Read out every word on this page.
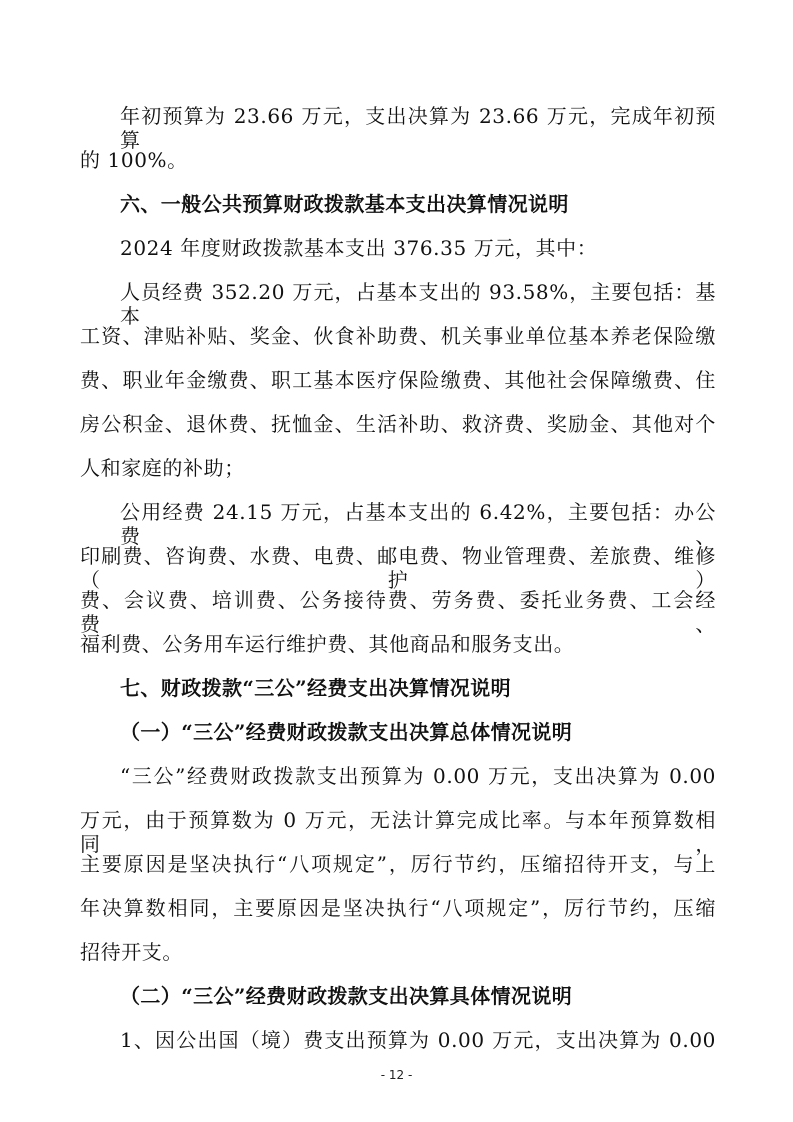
年初预算为 23.66 万元，支出决算为 23.66 万元，完成年初预算
的 100%。
六、一般公共预算财政拨款基本支出决算情况说明
2024 年度财政拨款基本支出 376.35 万元，其中：
人员经费 352.20 万元，占基本支出的 93.58%，主要包括：基本
工资、津贴补贴、奖金、伙食补助费、机关事业单位基本养老保险缴
费、职业年金缴费、职工基本医疗保险缴费、其他社会保障缴费、住
房公积金、退休费、抚恤金、生活补助、救济费、奖励金、其他对个
人和家庭的补助；
公用经费 24.15 万元，占基本支出的 6.42%，主要包括：办公费、
印刷费、咨询费、水费、电费、邮电费、物业管理费、差旅费、维修（护）
费、会议费、培训费、公务接待费、劳务费、委托业务费、工会经费、
福利费、公务用车运行维护费、其他商品和服务支出。
七、财政拨款“三公”经费支出决算情况说明
（一）“三公”经费财政拨款支出决算总体情况说明
“三公”经费财政拨款支出预算为 0.00 万元，支出决算为 0.00
万元，由于预算数为 0 万元，无法计算完成比率。与本年预算数相同，
主要原因是坚决执行“八项规定”，厉行节约，压缩招待开支，与上
年决算数相同，主要原因是坚决执行“八项规定”，厉行节约，压缩
招待开支。
（二）“三公”经费财政拨款支出决算具体情况说明
1、因公出国（境）费支出预算为 0.00 万元，支出决算为 0.00
- 12 -
